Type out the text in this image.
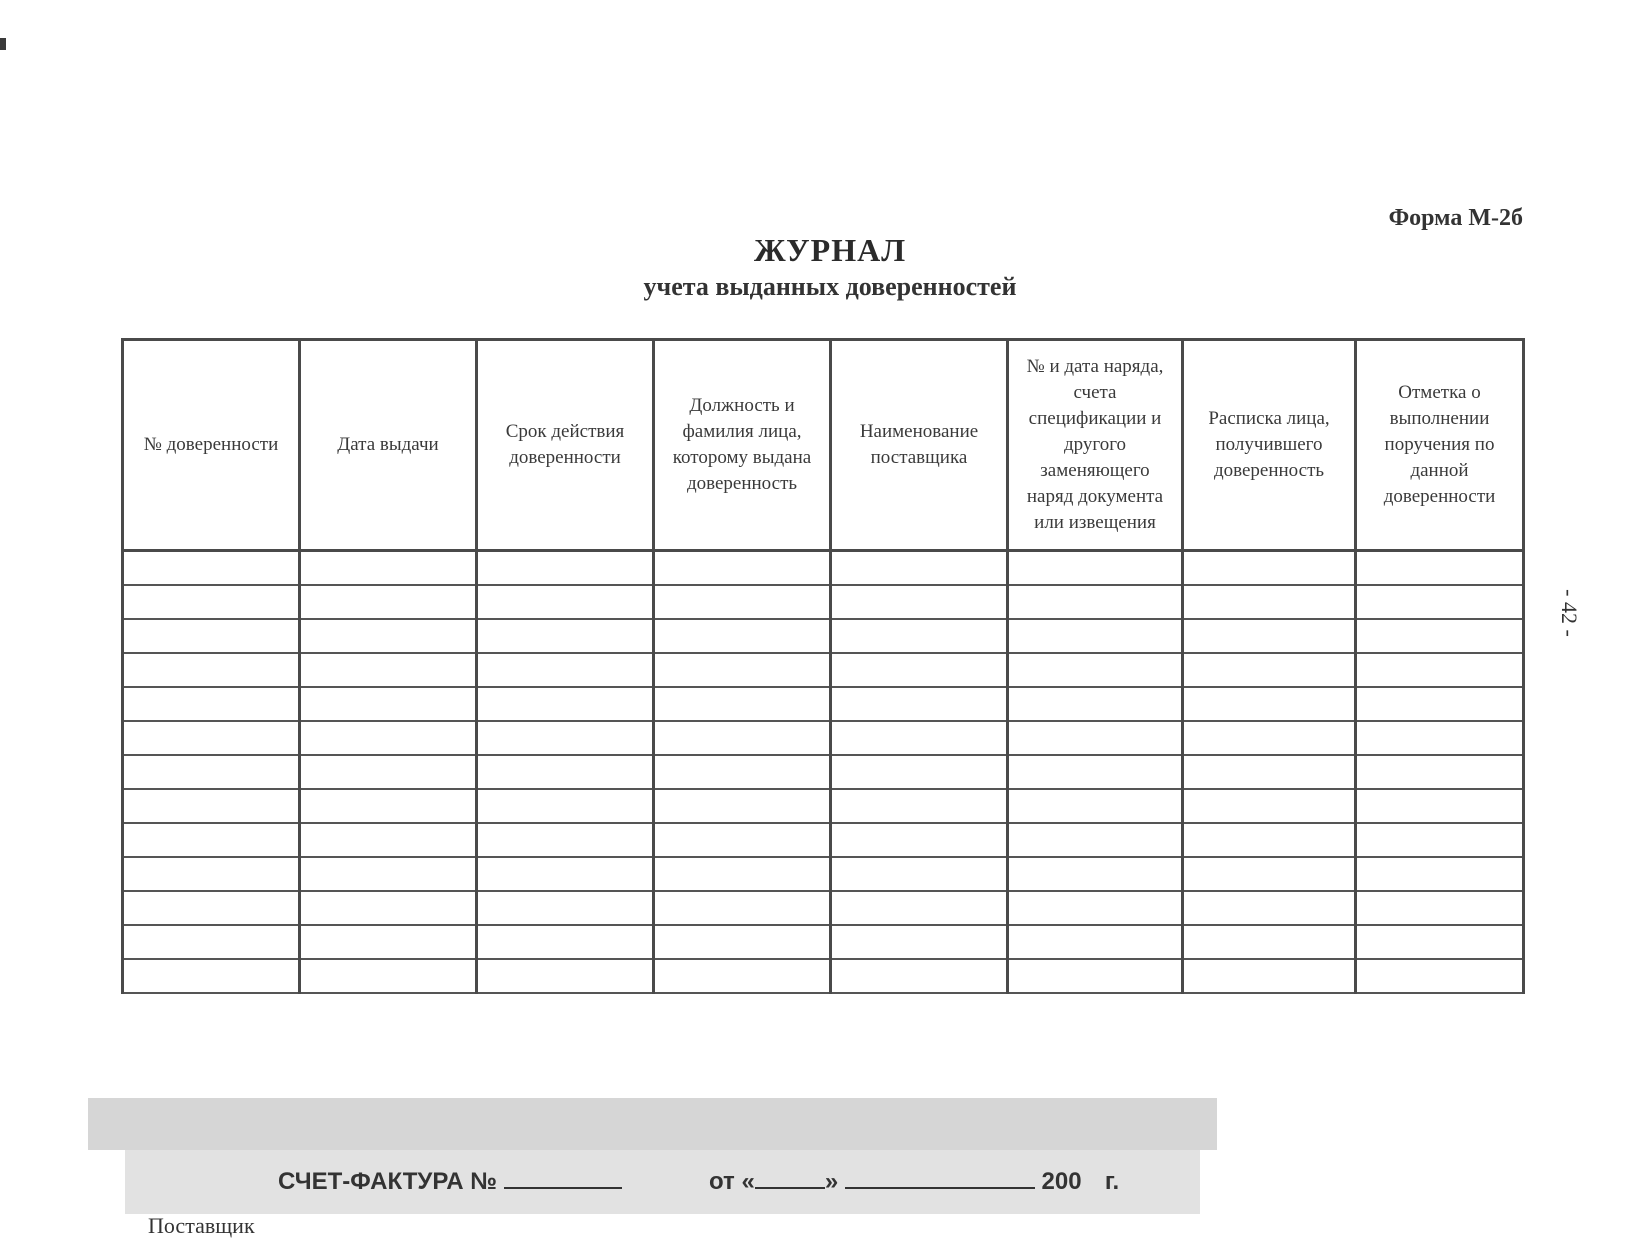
Форма М-2б
ЖУРНАЛ
учета выданных доверенностей
- 42 -
№ доверенности	Дата выдачи	Срок действия доверенности	Должность и фамилия лица, которому выдана доверенность	Наименование поставщика	№ и дата наряда, счета спецификации и другого заменяющего наряд документа или извещения	Расписка лица, получившего доверенность	Отметка о выполнении поручения по данной доверенности

СЧЕТ-ФАКТУРА №	от «	»	200 г.
Поставщик
